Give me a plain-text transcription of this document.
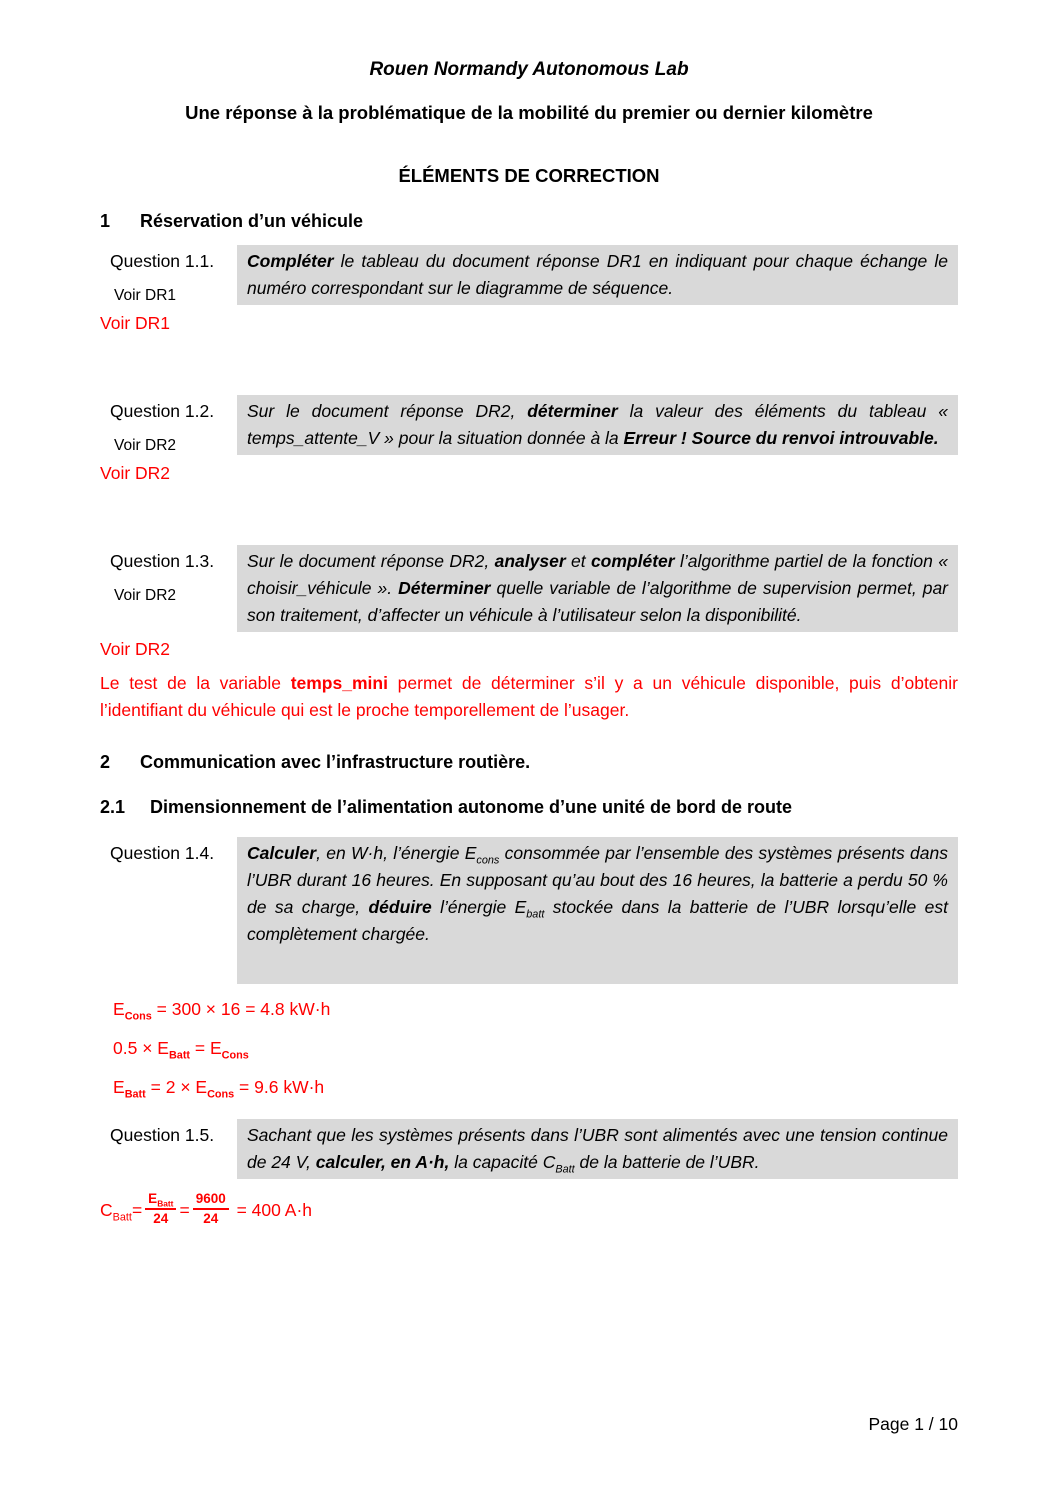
Rouen Normandy Autonomous Lab
Une réponse à la problématique de la mobilité du premier ou dernier kilomètre
ÉLÉMENTS DE CORRECTION
1 Réservation d’un véhicule
Question 1.1.
Voir DR1
Compléter le tableau du document réponse DR1 en indiquant pour chaque échange le numéro correspondant sur le diagramme de séquence.
Voir DR1
Question 1.2.
Voir DR2
Sur le document réponse DR2, déterminer la valeur des éléments du tableau « temps_attente_V » pour la situation donnée à la Erreur ! Source du renvoi introuvable.
Voir DR2
Question 1.3.
Voir DR2
Sur le document réponse DR2, analyser et compléter l’algorithme partiel de la fonction « choisir_véhicule ». Déterminer quelle variable de l’algorithme de supervision permet, par son traitement, d’affecter un véhicule à l’utilisateur selon la disponibilité.
Voir DR2
Le test de la variable temps_mini permet de déterminer s’il y a un véhicule disponible, puis d’obtenir l’identifiant du véhicule qui est le proche temporellement de l’usager.
2 Communication avec l’infrastructure routière.
2.1 Dimensionnement de l’alimentation autonome d’une unité de bord de route
Question 1.4.	Calculer, en W·h, l’énergie $E_{cons}$ consommée par l’ensemble des systèmes présents dans l’UBR durant 16 heures. En supposant qu’au bout des 16 heures, la batterie a perdu 50 % de sa charge, déduire l’énergie $E_{batt}$ stockée dans la batterie de l’UBR lorsqu’elle est complètement chargée.
$E_{Cons} = 300 \times 16 = 4.8$ kW·h
$0.5 \times E_{Batt} = E_{Cons}$
$E_{Batt} = 2 \times E_{Cons} = 9.6$ kW·h
Question 1.5.	Sachant que les systèmes présents dans l’UBR sont alimentés avec une tension continue de 24 V, calculer, en A·h, la capacité $C_{Batt}$ de la batterie de l’UBR.
$C_{Batt}= \frac{E_{Batt}}{24} = \frac{9600}{24} = 400$ A·h
Page 1 / 10
